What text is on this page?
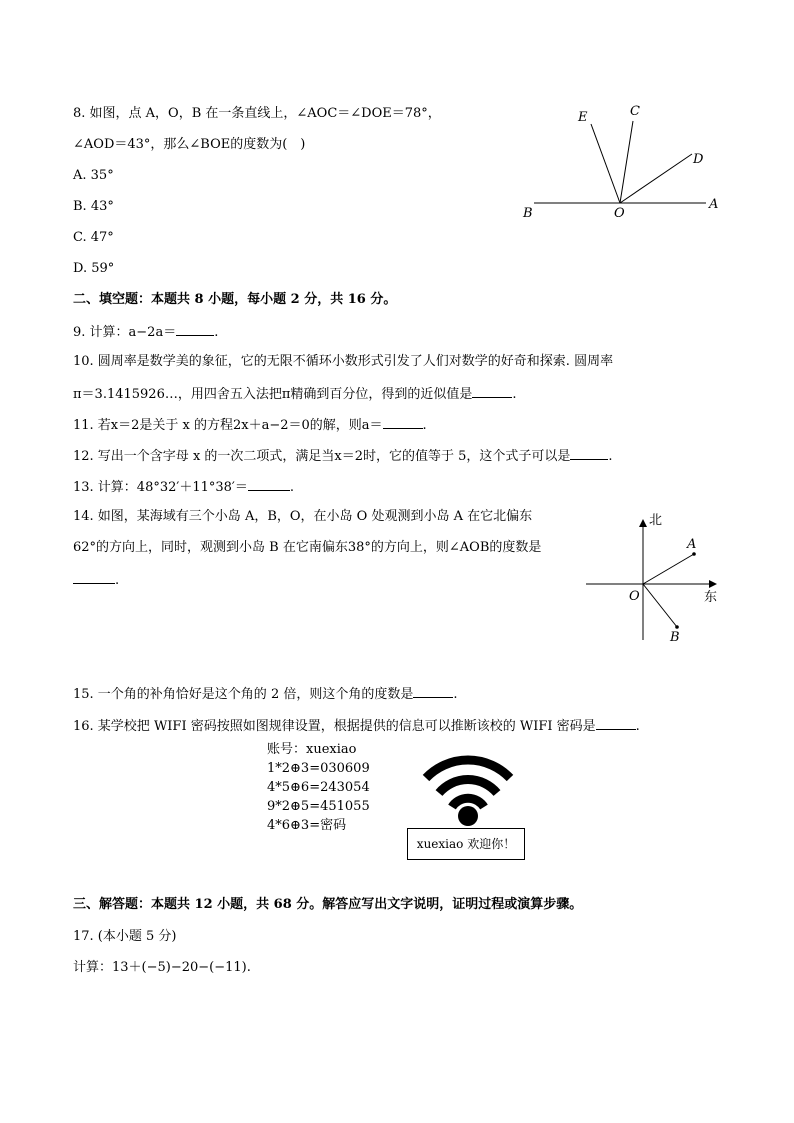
8. 如图，点 A，O，B 在一条直线上，∠AOC＝∠DOE＝78°，
∠AOD＝43°，那么∠BOE的度数为(　)
A. 35°
B. 43°
C. 47°
D. 59°
E	C
D
B	O
A
二、填空题：本题共 8 小题，每小题 2 分，共 16 分。
9. 计算：a−2a＝	.
10. 圆周率是数学美的象征，它的无限不循环小数形式引发了人们对数学的好奇和探索. 圆周率
π＝3.1415926…，用四舍五入法把π精确到百分位，得到的近似值是	.
11. 若x＝2是关于 x 的方程2x＋a−2＝0的解，则a＝	.
12. 写出一个含字母 x 的一次二项式，满足当x＝2时，它的值等于 5，这个式子可以是	.
13. 计算：48°32′＋11°38′＝	.
14. 如图，某海域有三个小岛 A，B，O，在小岛 O 处观测到小岛 A 在它北偏东
62°的方向上，同时，观测到小岛 B 在它南偏东38°的方向上，则∠AOB的度数是
.
北
东
A
O
B
15. 一个角的补角恰好是这个角的 2 倍，则这个角的度数是	.
16. 某学校把 WIFI 密码按照如图规律设置，根据提供的信息可以推断该校的 WIFI 密码是	.
账号：xuexiao
1*2⊕3=030609
4*5⊕6=243054
9*2⊕5=451055
4*6⊕3=密码
xuexiao 欢迎你！
三、解答题：本题共 12 小题，共 68 分。解答应写出文字说明，证明过程或演算步骤。
17. (本小题 5 分)
计算：13＋(−5)−20−(−11).
